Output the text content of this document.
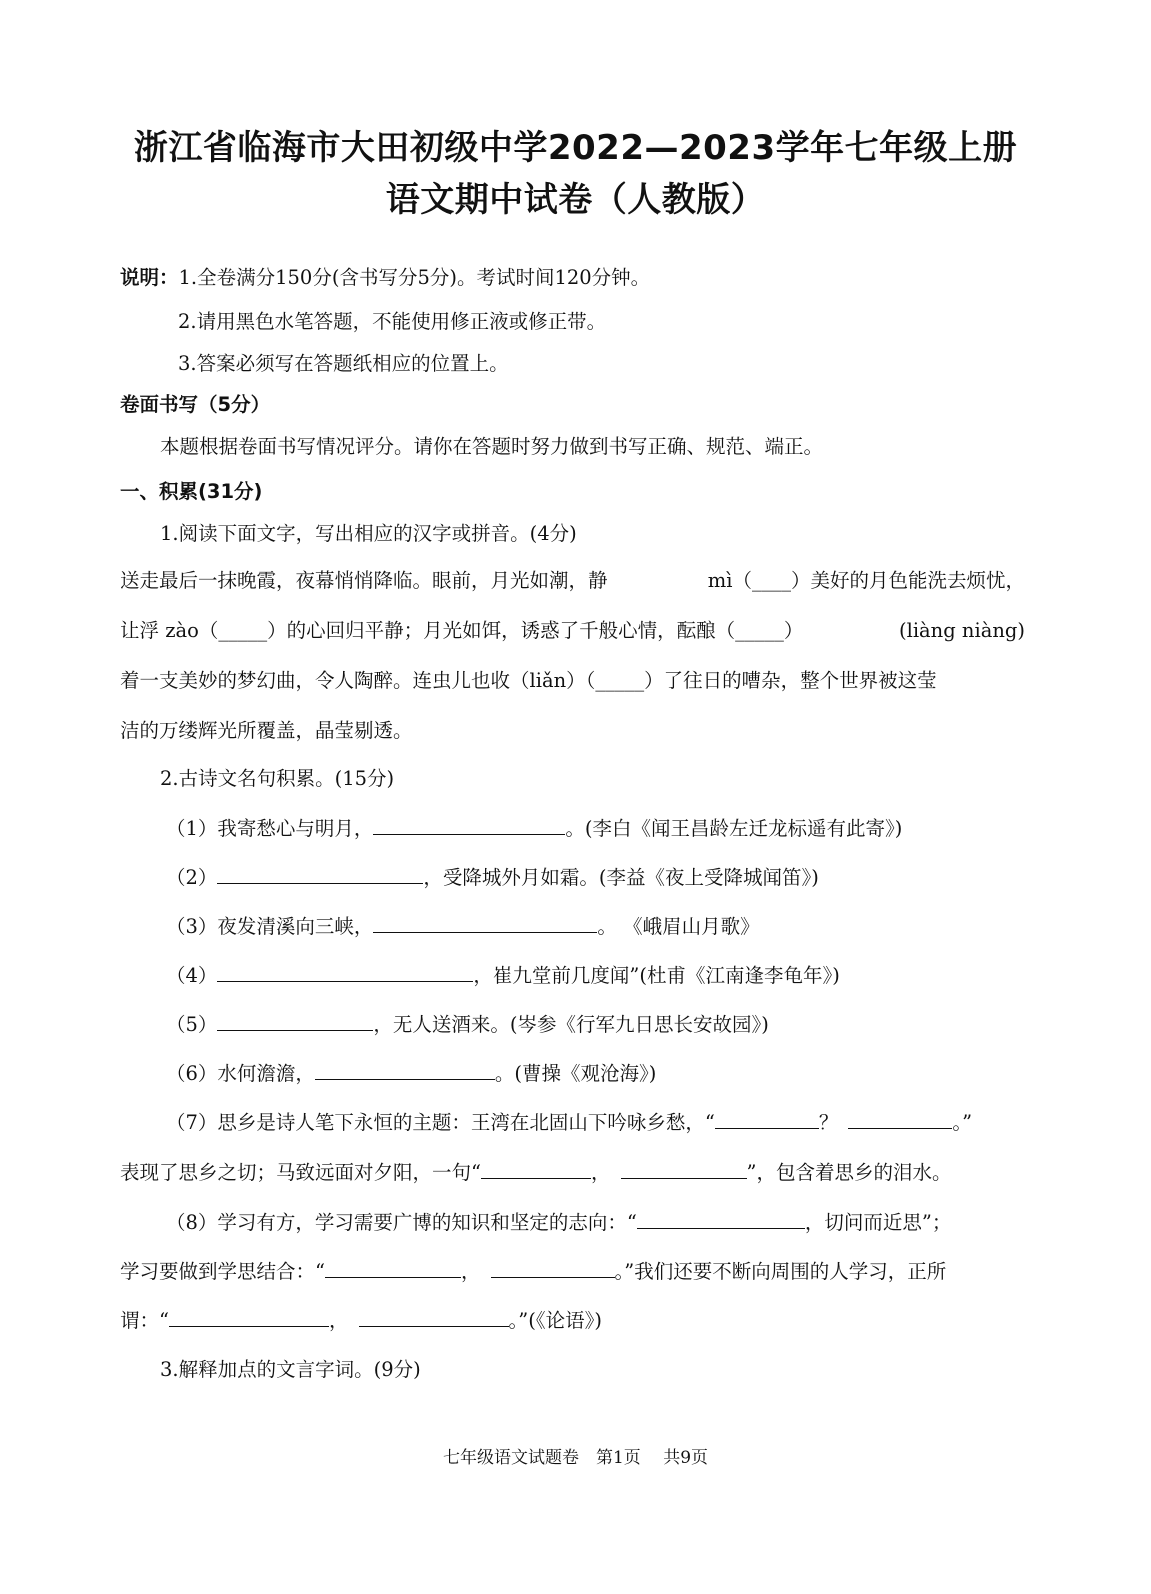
浙江省临海市大田初级中学2022—2023学年七年级上册
语文期中试卷（人教版）
说明：1.全卷满分150分(含书写分5分)。考试时间120分钟。
2.请用黑色水笔答题，不能使用修正液或修正带。
3.答案必须写在答题纸相应的位置上。
卷面书写（5分）
本题根据卷面书写情况评分。请你在答题时努力做到书写正确、规范、端正。
一、积累(31分)
1.阅读下面文字，写出相应的汉字或拼音。(4分)
送走最后一抹晚霞，夜幕悄悄降临。眼前，月光如潮，静	mì（____）美好的月色能洗去烦忧，
让浮 zào（_____）的心回归平静；月光如饵，诱惑了千般心情，酝酿（_____）	(liàng niàng)
着一支美妙的梦幻曲，令人陶醉。连虫儿也收（liǎn）（_____）了往日的嘈杂，整个世界被这莹
洁的万缕辉光所覆盖，晶莹剔透。
2.古诗文名句积累。(15分)
（1）我寄愁心与明月，	。(李白《闻王昌龄左迁龙标遥有此寄》)
（2）	，受降城外月如霜。(李益《夜上受降城闻笛》)
（3）夜发清溪向三峡，	。 《峨眉山月歌》
（4）	，崔九堂前几度闻”(杜甫《江南逢李龟年》)
（5）	，无人送酒来。(岑参《行军九日思长安故园》)
（6）水何澹澹，	。(曹操《观沧海》)
（7）思乡是诗人笔下永恒的主题：王湾在北固山下吟咏乡愁，“	？	。”
表现了思乡之切；马致远面对夕阳，一句“	，	”，包含着思乡的泪水。
（8）学习有方，学习需要广博的知识和坚定的志向：“	，切问而近思”；
学习要做到学思结合：“	，	。”我们还要不断向周围的人学习，正所
谓：“	，	。”(《论语》)
3.解释加点的文言字词。(9分)
七年级语文试题卷　第1页　 共9页
